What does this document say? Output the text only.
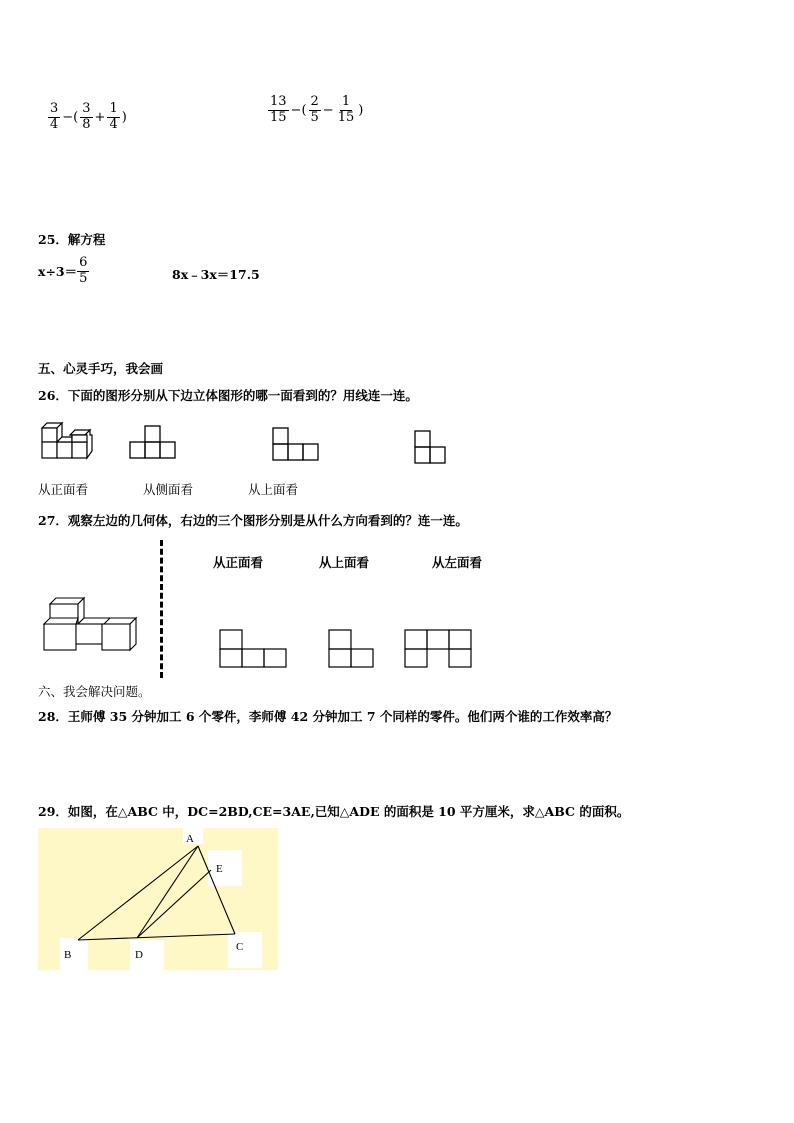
$\frac{3}{4}$ −( $\frac{3}{8} + \frac{1}{4}$ )	$\frac{13}{15}$ −( $\frac{2}{5} - \frac{1}{15}$ )
25．解方程
$x\div 3= \frac{6}{5}$	8x﹣3x＝17.5
五、心灵手巧，我会画
26．下面的图形分别从下边立体图形的哪一面看到的？用线连一连。
从正面看	从侧面看	从上面看
27．观察左边的几何体，右边的三个图形分别是从什么方向看到的？连一连。
从正面看	从上面看	从左面看
六、我会解决问题。
28．王师傅 35 分钟加工 6 个零件，李师傅 42 分钟加工 7 个同样的零件。他们两个谁的工作效率高？
29．如图，在△ABC 中，DC=2BD,CE=3AE,已知△ADE 的面积是 10 平方厘米，求△ABC 的面积。
A
B
C
D
E
